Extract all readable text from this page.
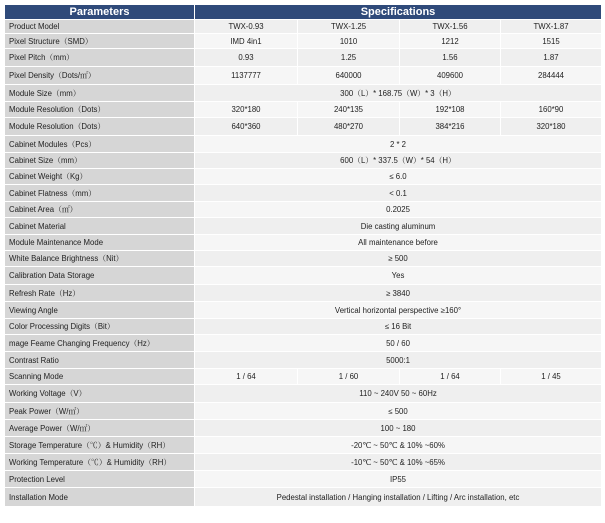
Parameters	Specifications			
Product Model	TWX-0.93	TWX-1.25	TWX-1.56	TWX-1.87
Pixel Structure（SMD）	IMD 4in1	1010	1212	1515
Pixel Pitch（mm）	0.93	1.25	1.56	1.87
Pixel Density（Dots/㎡）	1137777	640000	409600	284444
Module Size（mm）	300（L）* 168.75（W）* 3（H）			
Module Resolution（Dots）	320*180	240*135	192*108	160*90
Module Resolution（Dots）	640*360	480*270	384*216	320*180
Cabinet Modules（Pcs）	2 * 2			
Cabinet Size（mm）	600（L）* 337.5（W）* 54（H）			
Cabinet Weight（Kg）	≤ 6.0			
Cabinet Flatness（mm）	< 0.1			
Cabinet Area（㎡）	0.2025			
Cabinet Material	Die casting aluminum			
Module Maintenance Mode	All maintenance before			
White Balance Brightness（Nit）	≥ 500			
Calibration Data Storage	Yes			
Refresh Rate（Hz）	≥ 3840			
Viewing Angle	Vertical horizontal perspective ≥160°			
Color Processing Digits（Bit）	≤ 16 Bit			
mage Feame Changing Frequency（Hz）	50 / 60			
Contrast Ratio	5000:1			
Scanning Mode	1 / 64	1 / 60	1 / 64	1 / 45
Working Voltage（V）	110 ~ 240V 50 ~ 60Hz			
Peak Power（W/㎡）	≤ 500			
Average Power（W/㎡）	100 ~ 180			
Storage Temperature（℃）& Humidity（RH）	-20℃ ~ 50℃ & 10% ~60%			
Working Temperature（℃）& Humidity（RH）	-10℃ ~ 50℃ & 10% ~65%			
Protection Level	IP55			
Installation Mode	Pedestal installation / Hanging installation / Lifting / Arc installation, etc			
